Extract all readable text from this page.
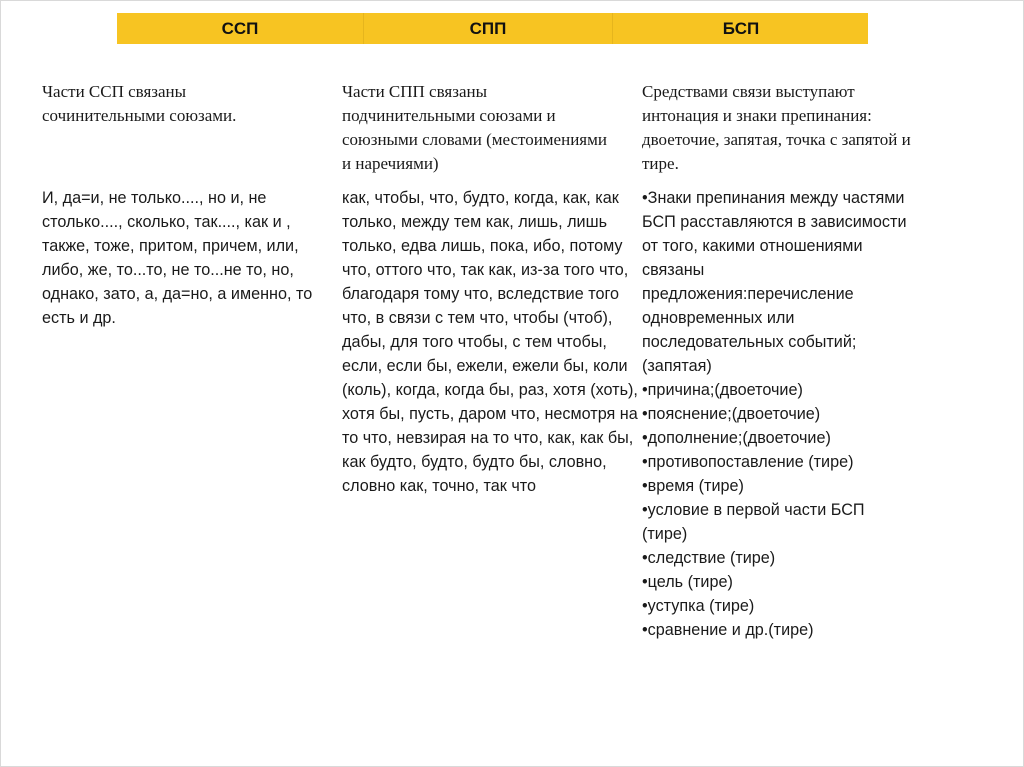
ССП	СПП	БСП
Части ССП связаны сочинительными союзами.
Части СПП связаны подчинительными союзами и союзными словами (местоимениями и наречиями)
Средствами связи выступают интонация и знаки препинания: двоеточие, запятая, точка с запятой и тире.
И, да=и, не только...., но и, не столько...., сколько, так...., как и , также, тоже, притом, причем, или, либо, же, то...то, не то...не то, но, однако, зато, а, да=но, а именно, то есть и др.
как, чтобы, что, будто, когда, как, как только, между тем как, лишь, лишь только, едва лишь, пока, ибо, потому что, оттого что, так как, из-за того что, благодаря тому что, вследствие того что, в связи с тем что, чтобы (чтоб), дабы, для того чтобы, с тем чтобы, если, если бы, ежели, ежели бы, коли (коль), когда, когда бы, раз, хотя (хоть), хотя бы, пусть, даром что, несмотря на то что, невзирая на то что, как, как бы, как будто, будто, будто бы, словно, словно как, точно, так что
•Знаки препинания между частями БСП расставляются в зависимости от того, какими отношениями связаны предложения:перечисление одновременных или последовательных событий; (запятая)
•причина;(двоеточие)
•пояснение;(двоеточие)
•дополнение;(двоеточие)
•противопоставление (тире)
•время (тире)
•условие в первой части БСП (тире)
•следствие (тире)
•цель (тире)
•уступка (тире)
•сравнение и др.(тире)
